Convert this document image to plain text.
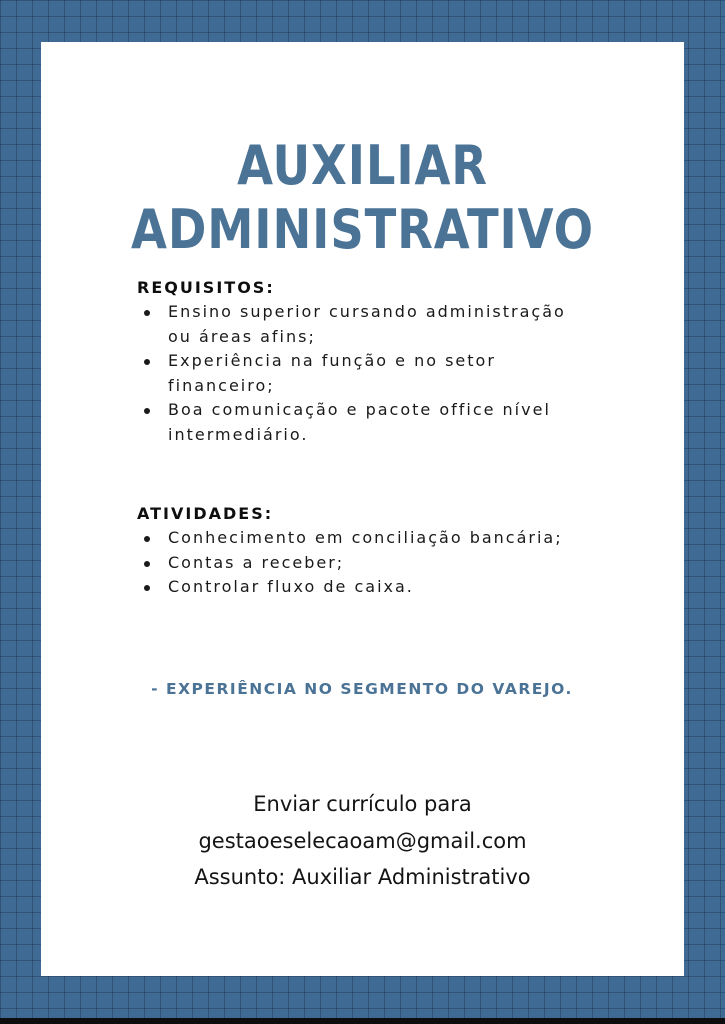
AUXILIAR
ADMINISTRATIVO
REQUISITOS:
Ensino superior cursando administração ou áreas afins;
Experiência na função e no setor financeiro;
Boa comunicação e pacote office nível intermediário.
ATIVIDADES:
Conhecimento em conciliação bancária;
Contas a receber;
Controlar fluxo de caixa.
- EXPERIÊNCIA NO SEGMENTO DO VAREJO.
Enviar currículo para
gestaoeselecaoam@gmail.com
Assunto: Auxiliar Administrativo
